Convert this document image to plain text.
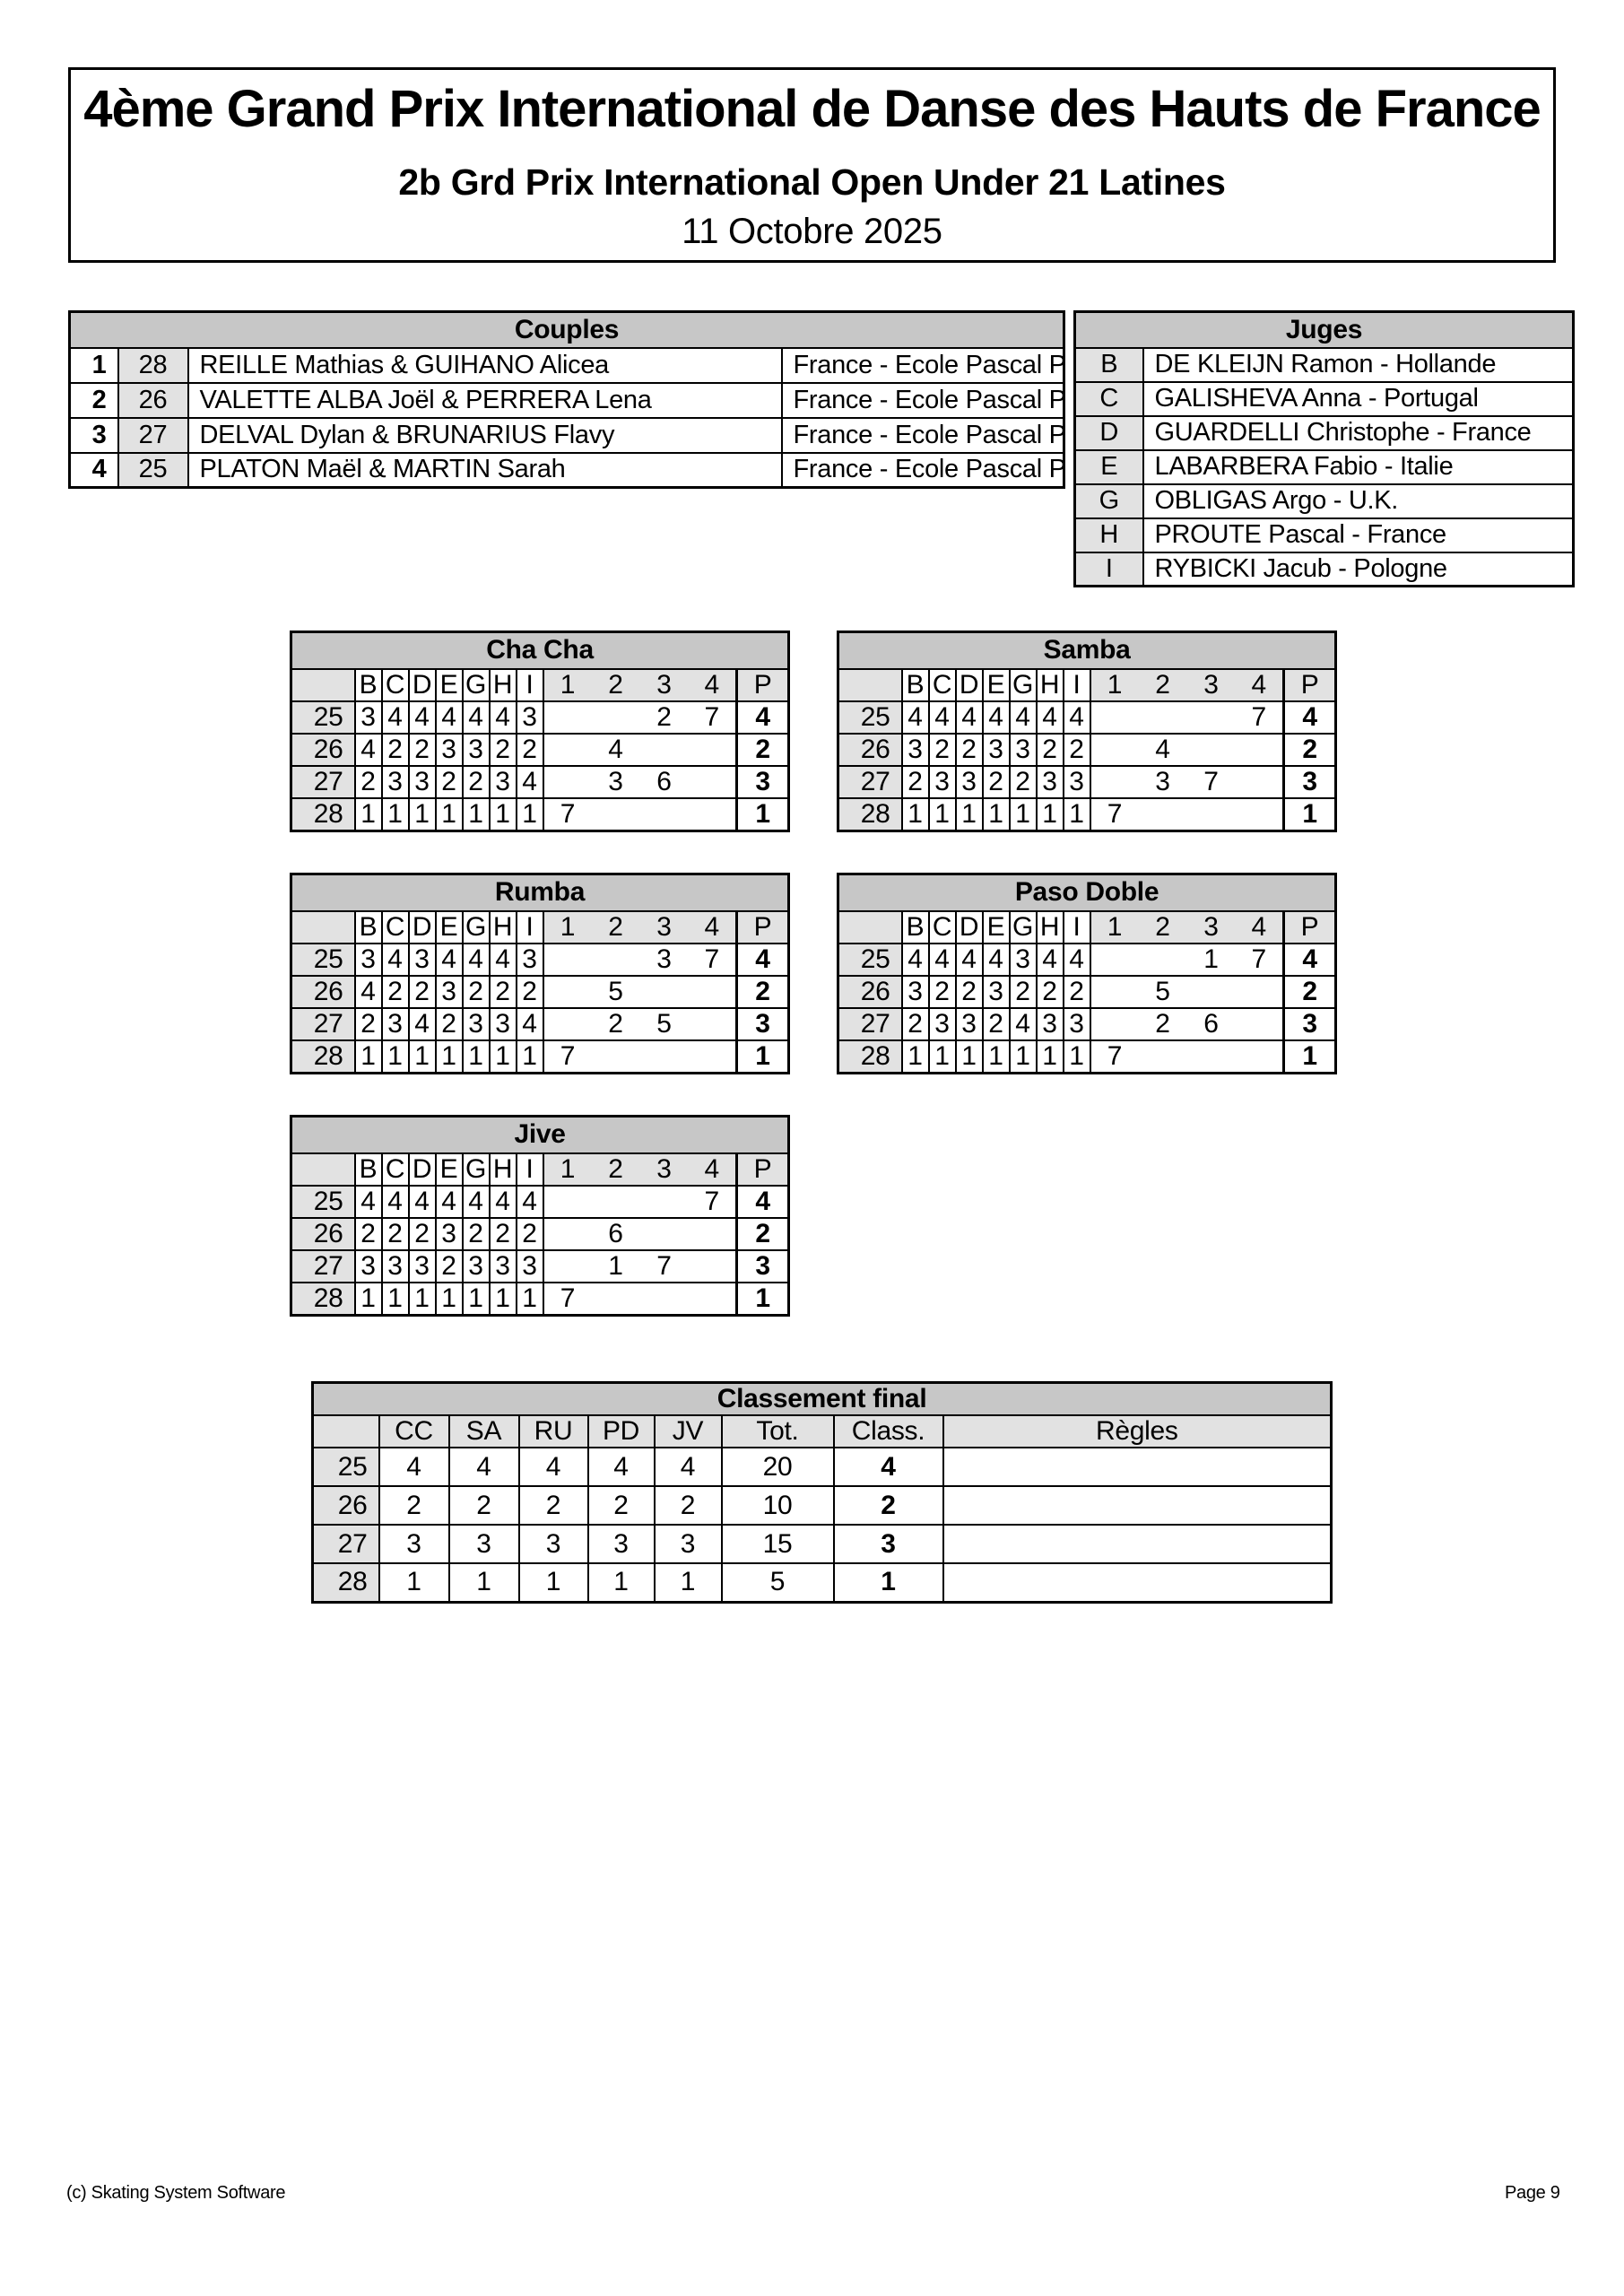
4ème Grand Prix International de Danse des Hauts de France
2b Grd Prix International Open Under 21 Latines
11 Octobre 2025
Couples			
1	28	REILLE Mathias & GUIHANO Alicea	France - Ecole Pascal P
2	26	VALETTE ALBA Joël & PERRERA Lena	France - Ecole Pascal P
3	27	DELVAL Dylan & BRUNARIUS Flavy	France - Ecole Pascal P
4	25	PLATON Maël & MARTIN Sarah	France - Ecole Pascal P
Juges	
B	DE KLEIJN Ramon - Hollande
C	GALISHEVA Anna - Portugal
D	GUARDELLI Christophe - France
E	LABARBERA Fabio - Italie
G	OBLIGAS Argo - U.K.
H	PROUTE Pascal - France
I	RYBICKI Jacub - Pologne
Cha Cha												
	B	C	D	E	G	H	I	1	2	3	4	P
25	3	4	4	4	4	4	3			2	7	4
26	4	2	2	3	3	2	2		4			2
27	2	3	3	2	2	3	4		3	6		3
28	1	1	1	1	1	1	1	7				1
Samba												
	B	C	D	E	G	H	I	1	2	3	4	P
25	4	4	4	4	4	4	4				7	4
26	3	2	2	3	3	2	2		4			2
27	2	3	3	2	2	3	3		3	7		3
28	1	1	1	1	1	1	1	7				1
Rumba												
	B	C	D	E	G	H	I	1	2	3	4	P
25	3	4	3	4	4	4	3			3	7	4
26	4	2	2	3	2	2	2		5			2
27	2	3	4	2	3	3	4		2	5		3
28	1	1	1	1	1	1	1	7				1
Paso Doble												
	B	C	D	E	G	H	I	1	2	3	4	P
25	4	4	4	4	3	4	4			1	7	4
26	3	2	2	3	2	2	2		5			2
27	2	3	3	2	4	3	3		2	6		3
28	1	1	1	1	1	1	1	7				1
Jive												
	B	C	D	E	G	H	I	1	2	3	4	P
25	4	4	4	4	4	4	4				7	4
26	2	2	2	3	2	2	2		6			2
27	3	3	3	2	3	3	3		1	7		3
28	1	1	1	1	1	1	1	7				1
Classement final								
	CC	SA	RU	PD	JV	Tot.	Class.	Règles
25	4	4	4	4	4	20	4	
26	2	2	2	2	2	10	2	
27	3	3	3	3	3	15	3	
28	1	1	1	1	1	5	1	
(c) Skating System Software	Page 9
